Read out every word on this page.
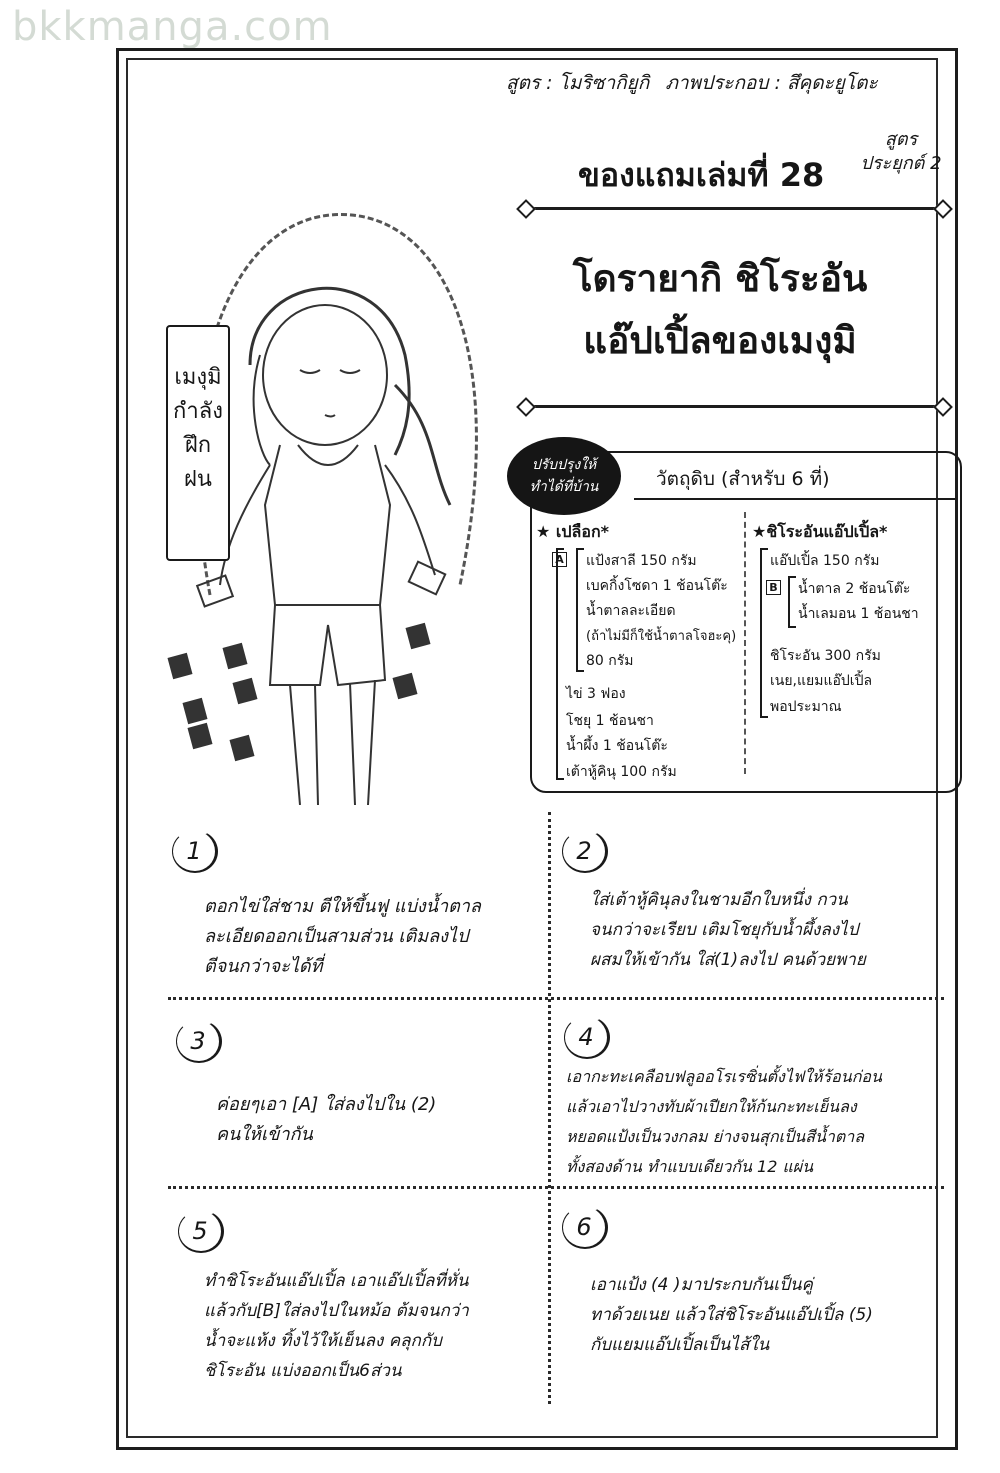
bkkmanga.com
สูตร : โมริซากิยูกิ ภาพประกอบ : สึคุดะยูโตะ
ของแถมเล่มที่ 28
สูตร
ประยุกต์ 2
โดรายากิ ชิโระอัน
แอ๊ปเปิ้ลของเมงุมิ
เมงุมิ
กำลัง
ฝึก
ฝน
ปรับปรุงให้
ทำได้ที่บ้าน	วัตถุดิบ (สำหรับ 6 ที่)
★ เปลือก*
A แป้งสาลี 150 กรัม
เบคกิ้งโซดา 1 ช้อนโต๊ะ
น้ำตาลละเอียด
(ถ้าไม่มีก็ใช้น้ำตาลโจฮะคุ)
80 กรัม
ไข่ 3 ฟอง
โชยุ 1 ช้อนชา
น้ำผึ้ง 1 ช้อนโต๊ะ
เต้าหู้คินุ 100 กรัม
★ชิโระอันแอ๊ปเปิ้ล*
แอ๊ปเปิ้ล 150 กรัม
B น้ำตาล 2 ช้อนโต๊ะ
น้ำเลมอน 1 ช้อนชา
ชิโระอัน 300 กรัม
เนย,แยมแอ๊ปเปิ้ล
พอประมาณ
1
ตอกไข่ใส่ชาม ตีให้ขึ้นฟู แบ่งน้ำตาล
ละเอียดออกเป็นสามส่วน เติมลงไป
ตีจนกว่าจะได้ที่
2
ใส่เต้าหู้คินุลงในชามอีกใบหนึ่ง กวน
จนกว่าจะเรียบ เติมโชยุกับน้ำผึ้งลงไป
ผสมให้เข้ากัน ใส่(1)ลงไป คนด้วยพาย
3
ค่อยๆเอา [A] ใส่ลงไปใน (2)
คนให้เข้ากัน
4
เอากะทะเคลือบฟลูออโรเรซิ่นตั้งไฟให้ร้อนก่อน
แล้วเอาไปวางทับผ้าเปียกให้ก้นกะทะเย็นลง
หยอดแป้งเป็นวงกลม ย่างจนสุกเป็นสีน้ำตาล
ทั้งสองด้าน ทำแบบเดียวกัน 12 แผ่น
5
ทำชิโระอันแอ๊ปเปิ้ล เอาแอ๊ปเปิ้ลที่หั่น
แล้วกับ[B]ใส่ลงไปในหม้อ ต้มจนกว่า
น้ำจะแห้ง ทิ้งไว้ให้เย็นลง คลุกกับ
ชิโระอัน แบ่งออกเป็น6ส่วน
6
เอาแป้ง (4 )มาประกบกันเป็นคู่
ทาด้วยเนย แล้วใส่ชิโระอันแอ๊ปเปิ้ล (5)
กับแยมแอ๊ปเปิ้ลเป็นไส้ใน
